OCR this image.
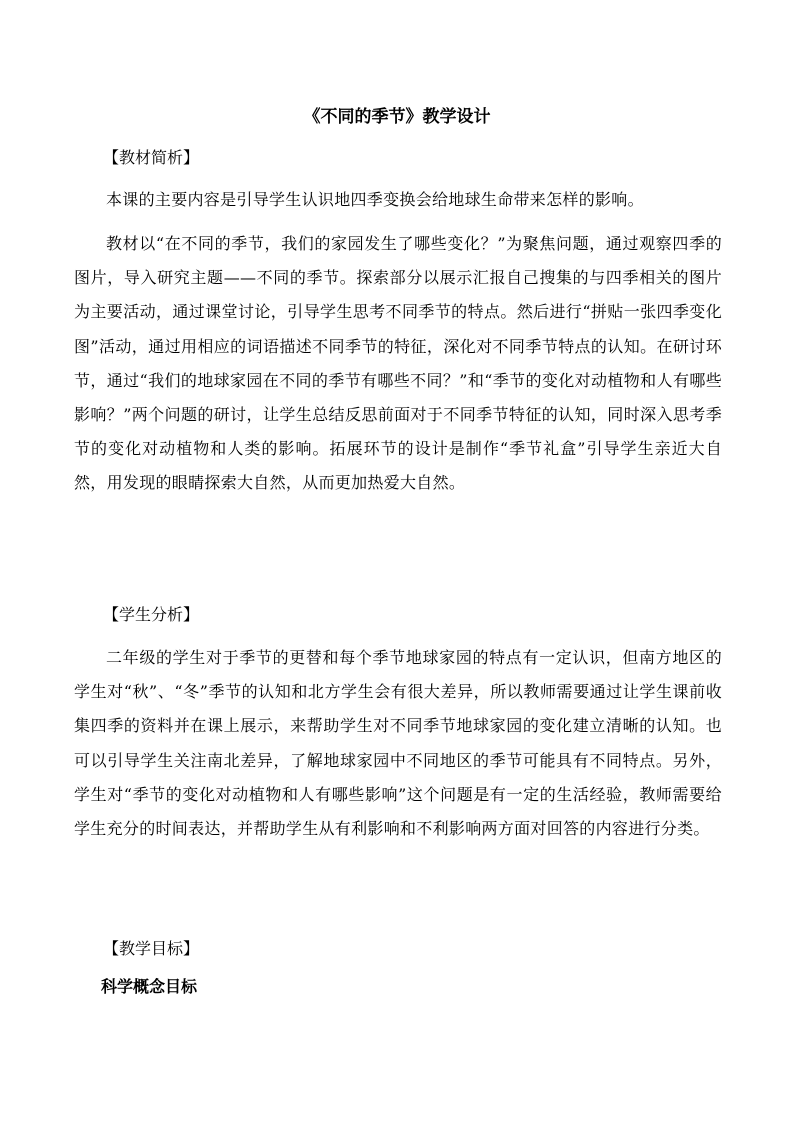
《不同的季节》教学设计

【教材简析】

本课的主要内容是引导学生认识地四季变换会给地球生命带来怎样的影响。

教材以“在不同的季节，我们的家园发生了哪些变化？”为聚焦问题，通过观察四季的图片，导入研究主题——不同的季节。探索部分以展示汇报自己搜集的与四季相关的图片为主要活动，通过课堂讨论，引导学生思考不同季节的特点。然后进行“拼贴一张四季变化图”活动，通过用相应的词语描述不同季节的特征，深化对不同季节特点的认知。在研讨环节，通过“我们的地球家园在不同的季节有哪些不同？”和“季节的变化对动植物和人有哪些影响？”两个问题的研讨，让学生总结反思前面对于不同季节特征的认知，同时深入思考季节的变化对动植物和人类的影响。拓展环节的设计是制作“季节礼盒”引导学生亲近大自然，用发现的眼睛探索大自然，从而更加热爱大自然。

【学生分析】

二年级的学生对于季节的更替和每个季节地球家园的特点有一定认识，但南方地区的学生对“秋”、“冬”季节的认知和北方学生会有很大差异，所以教师需要通过让学生课前收集四季的资料并在课上展示，来帮助学生对不同季节地球家园的变化建立清晰的认知。也可以引导学生关注南北差异，了解地球家园中不同地区的季节可能具有不同特点。另外，学生对“季节的变化对动植物和人有哪些影响”这个问题是有一定的生活经验，教师需要给学生充分的时间表达，并帮助学生从有利影响和不利影响两方面对回答的内容进行分类。

【教学目标】

科学概念目标
